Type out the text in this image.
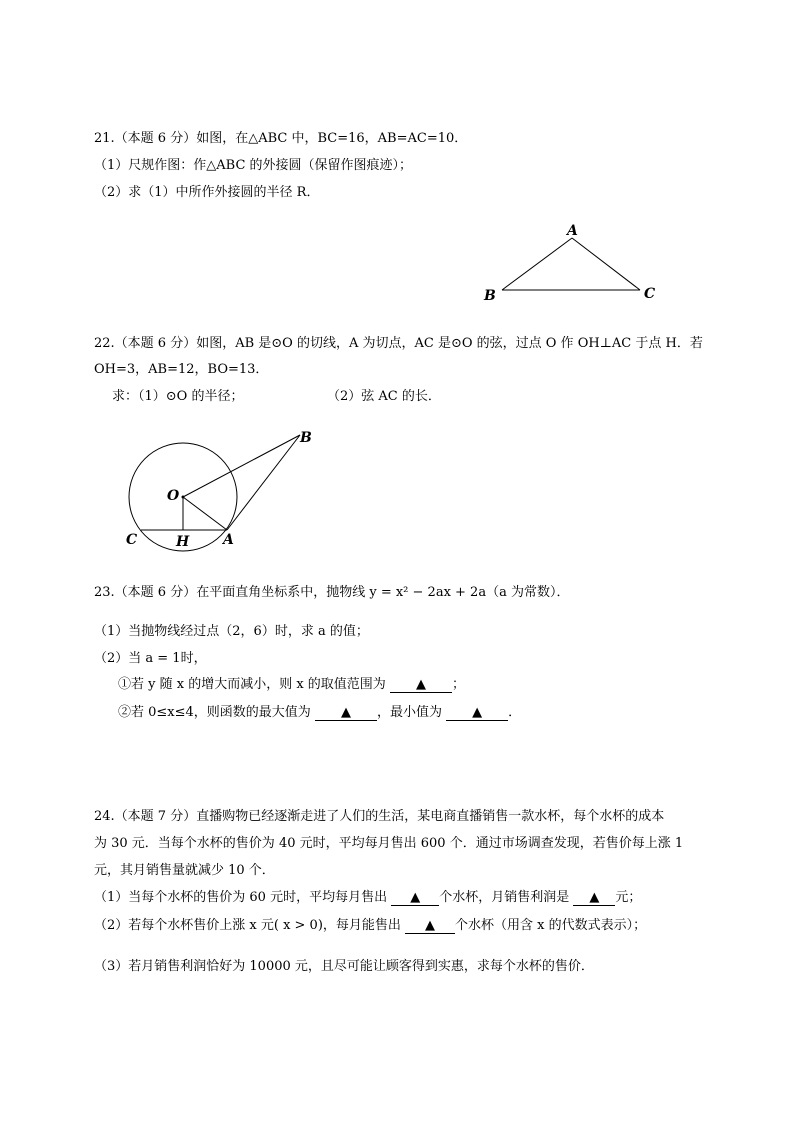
21.（本题 6 分）如图，在△ABC 中，BC=16，AB=AC=10．
（1）尺规作图：作△ABC 的外接圆（保留作图痕迹）；
（2）求（1）中所作外接圆的半径 R．
A
B	C
22.（本题 6 分）如图，AB 是⊙O 的切线，A 为切点，AC 是⊙O 的弦，过点 O 作 OH⊥AC 于点 H．若
OH=3，AB=12，BO=13．
求：（1）⊙O 的半径；	（2）弦 AC 的长．
B
O
C	H A
23.（本题 6 分）在平面直角坐标系中，抛物线 y = x² − 2ax + 2a（a 为常数）．
（1）当抛物线经过点（2，6）时，求 a 的值；
（2）当 a = 1时，
①若 y 随 x 的增大而减小，则 x 的取值范围为 ▲ ；
②若 0≤x≤4，则函数的最大值为 ▲ ，最小值为 ▲ ．
24.（本题 7 分）直播购物已经逐渐走进了人们的生活，某电商直播销售一款水杯，每个水杯的成本
为 30 元．当每个水杯的售价为 40 元时，平均每月售出 600 个．通过市场调查发现，若售价每上涨 1
元，其月销售量就减少 10 个．
（1）当每个水杯的售价为 60 元时，平均每月售出 ▲ 个水杯，月销售利润是 ▲ 元；
（2）若每个水杯售价上涨 x 元( x > 0)，每月能售出 ▲ 个水杯（用含 x 的代数式表示）；
（3）若月销售利润恰好为 10000 元，且尽可能让顾客得到实惠，求每个水杯的售价．
